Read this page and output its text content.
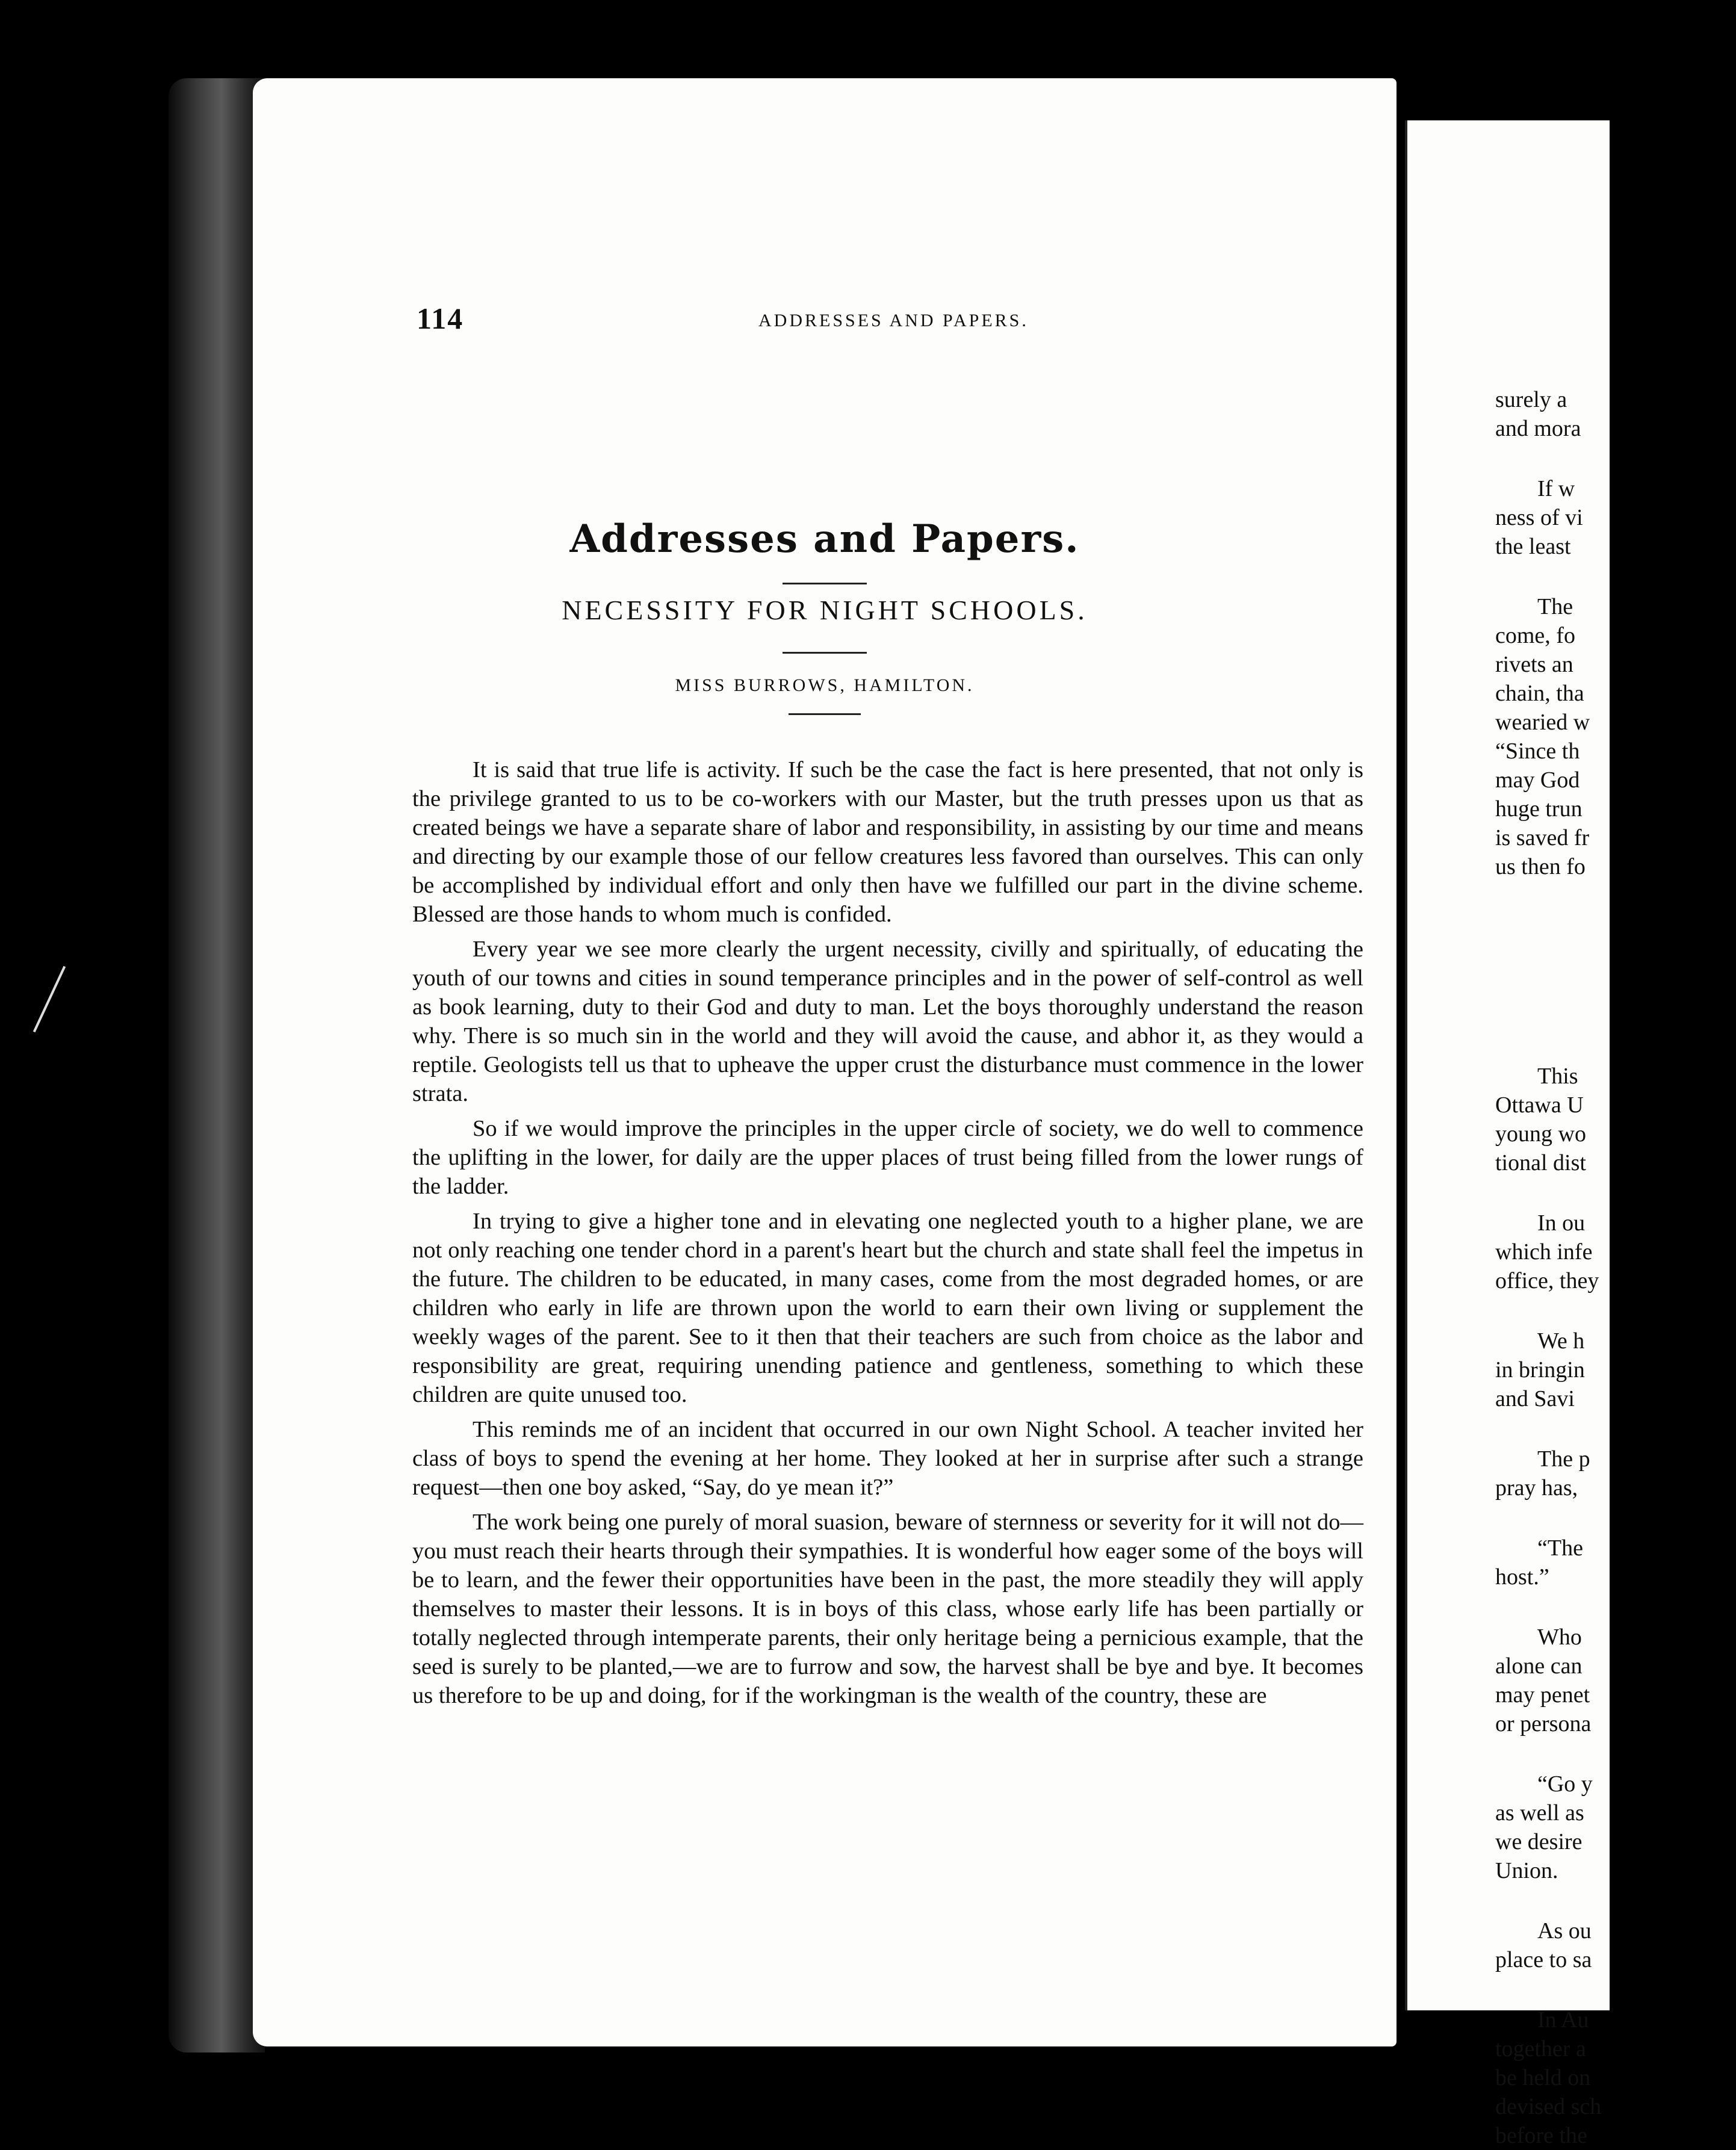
114	ADDRESSES AND PAPERS.
Addresses and Papers.
NECESSITY FOR NIGHT SCHOOLS.
MISS BURROWS, HAMILTON.

It is said that true life is activity. If such be the case the fact is here presented, that not only is the privilege granted to us to be co-workers with our Master, but the truth presses upon us that as created beings we have a separate share of labor and responsibility, in assisting by our time and means and directing by our example those of our fellow creatures less favored than ourselves. This can only be accomplished by individual effort and only then have we fulfilled our part in the divine scheme. Blessed are those hands to whom much is confided.

Every year we see more clearly the urgent necessity, civilly and spiritually, of educating the youth of our towns and cities in sound temperance principles and in the power of self-control as well as book learning, duty to their God and duty to man. Let the boys thoroughly understand the reason why. There is so much sin in the world and they will avoid the cause, and abhor it, as they would a reptile. Geologists tell us that to upheave the upper crust the disturbance must commence in the lower strata.

So if we would improve the principles in the upper circle of society, we do well to commence the uplifting in the lower, for daily are the upper places of trust being filled from the lower rungs of the ladder.

In trying to give a higher tone and in elevating one neglected youth to a higher plane, we are not only reaching one tender chord in a parent's heart but the church and state shall feel the impetus in the future. The children to be educated, in many cases, come from the most degraded homes, or are children who early in life are thrown upon the world to earn their own living or supplement the weekly wages of the parent. See to it then that their teachers are such from choice as the labor and responsibility are great, requiring unending patience and gentleness, something to which these children are quite unused too.

This reminds me of an incident that occurred in our own Night School. A teacher invited her class of boys to spend the evening at her home. They looked at her in surprise after such a strange request—then one boy asked, “Say, do ye mean it?”

The work being one purely of moral suasion, beware of sternness or severity for it will not do—you must reach their hearts through their sympathies. It is wonderful how eager some of the boys will be to learn, and the fewer their opportunities have been in the past, the more steadily they will apply themselves to master their lessons. It is in boys of this class, whose early life has been partially or totally neglected through intemperate parents, their only heritage being a pernicious example, that the seed is surely to be planted,—we are to furrow and sow, the harvest shall be bye and bye. It becomes us therefore to be up and doing, for if the workingman is the wealth of the country, these are

surely a
and mora
If w
ness of vi
the least
The
come, fo
rivets an
chain, tha
wearied w
“Since th
may God
huge trun
is saved fr
us then fo
This
Ottawa U
young wo
tional dist
In ou
which infe
office, they
We h
in bringin
and Savi
The p
pray has,
“The
host.”
Who
alone can
may penet
or persona
“Go y
as well as
we desire
Union.
As ou
place to sa
In Au
together a
be held on
devised sch
before the
